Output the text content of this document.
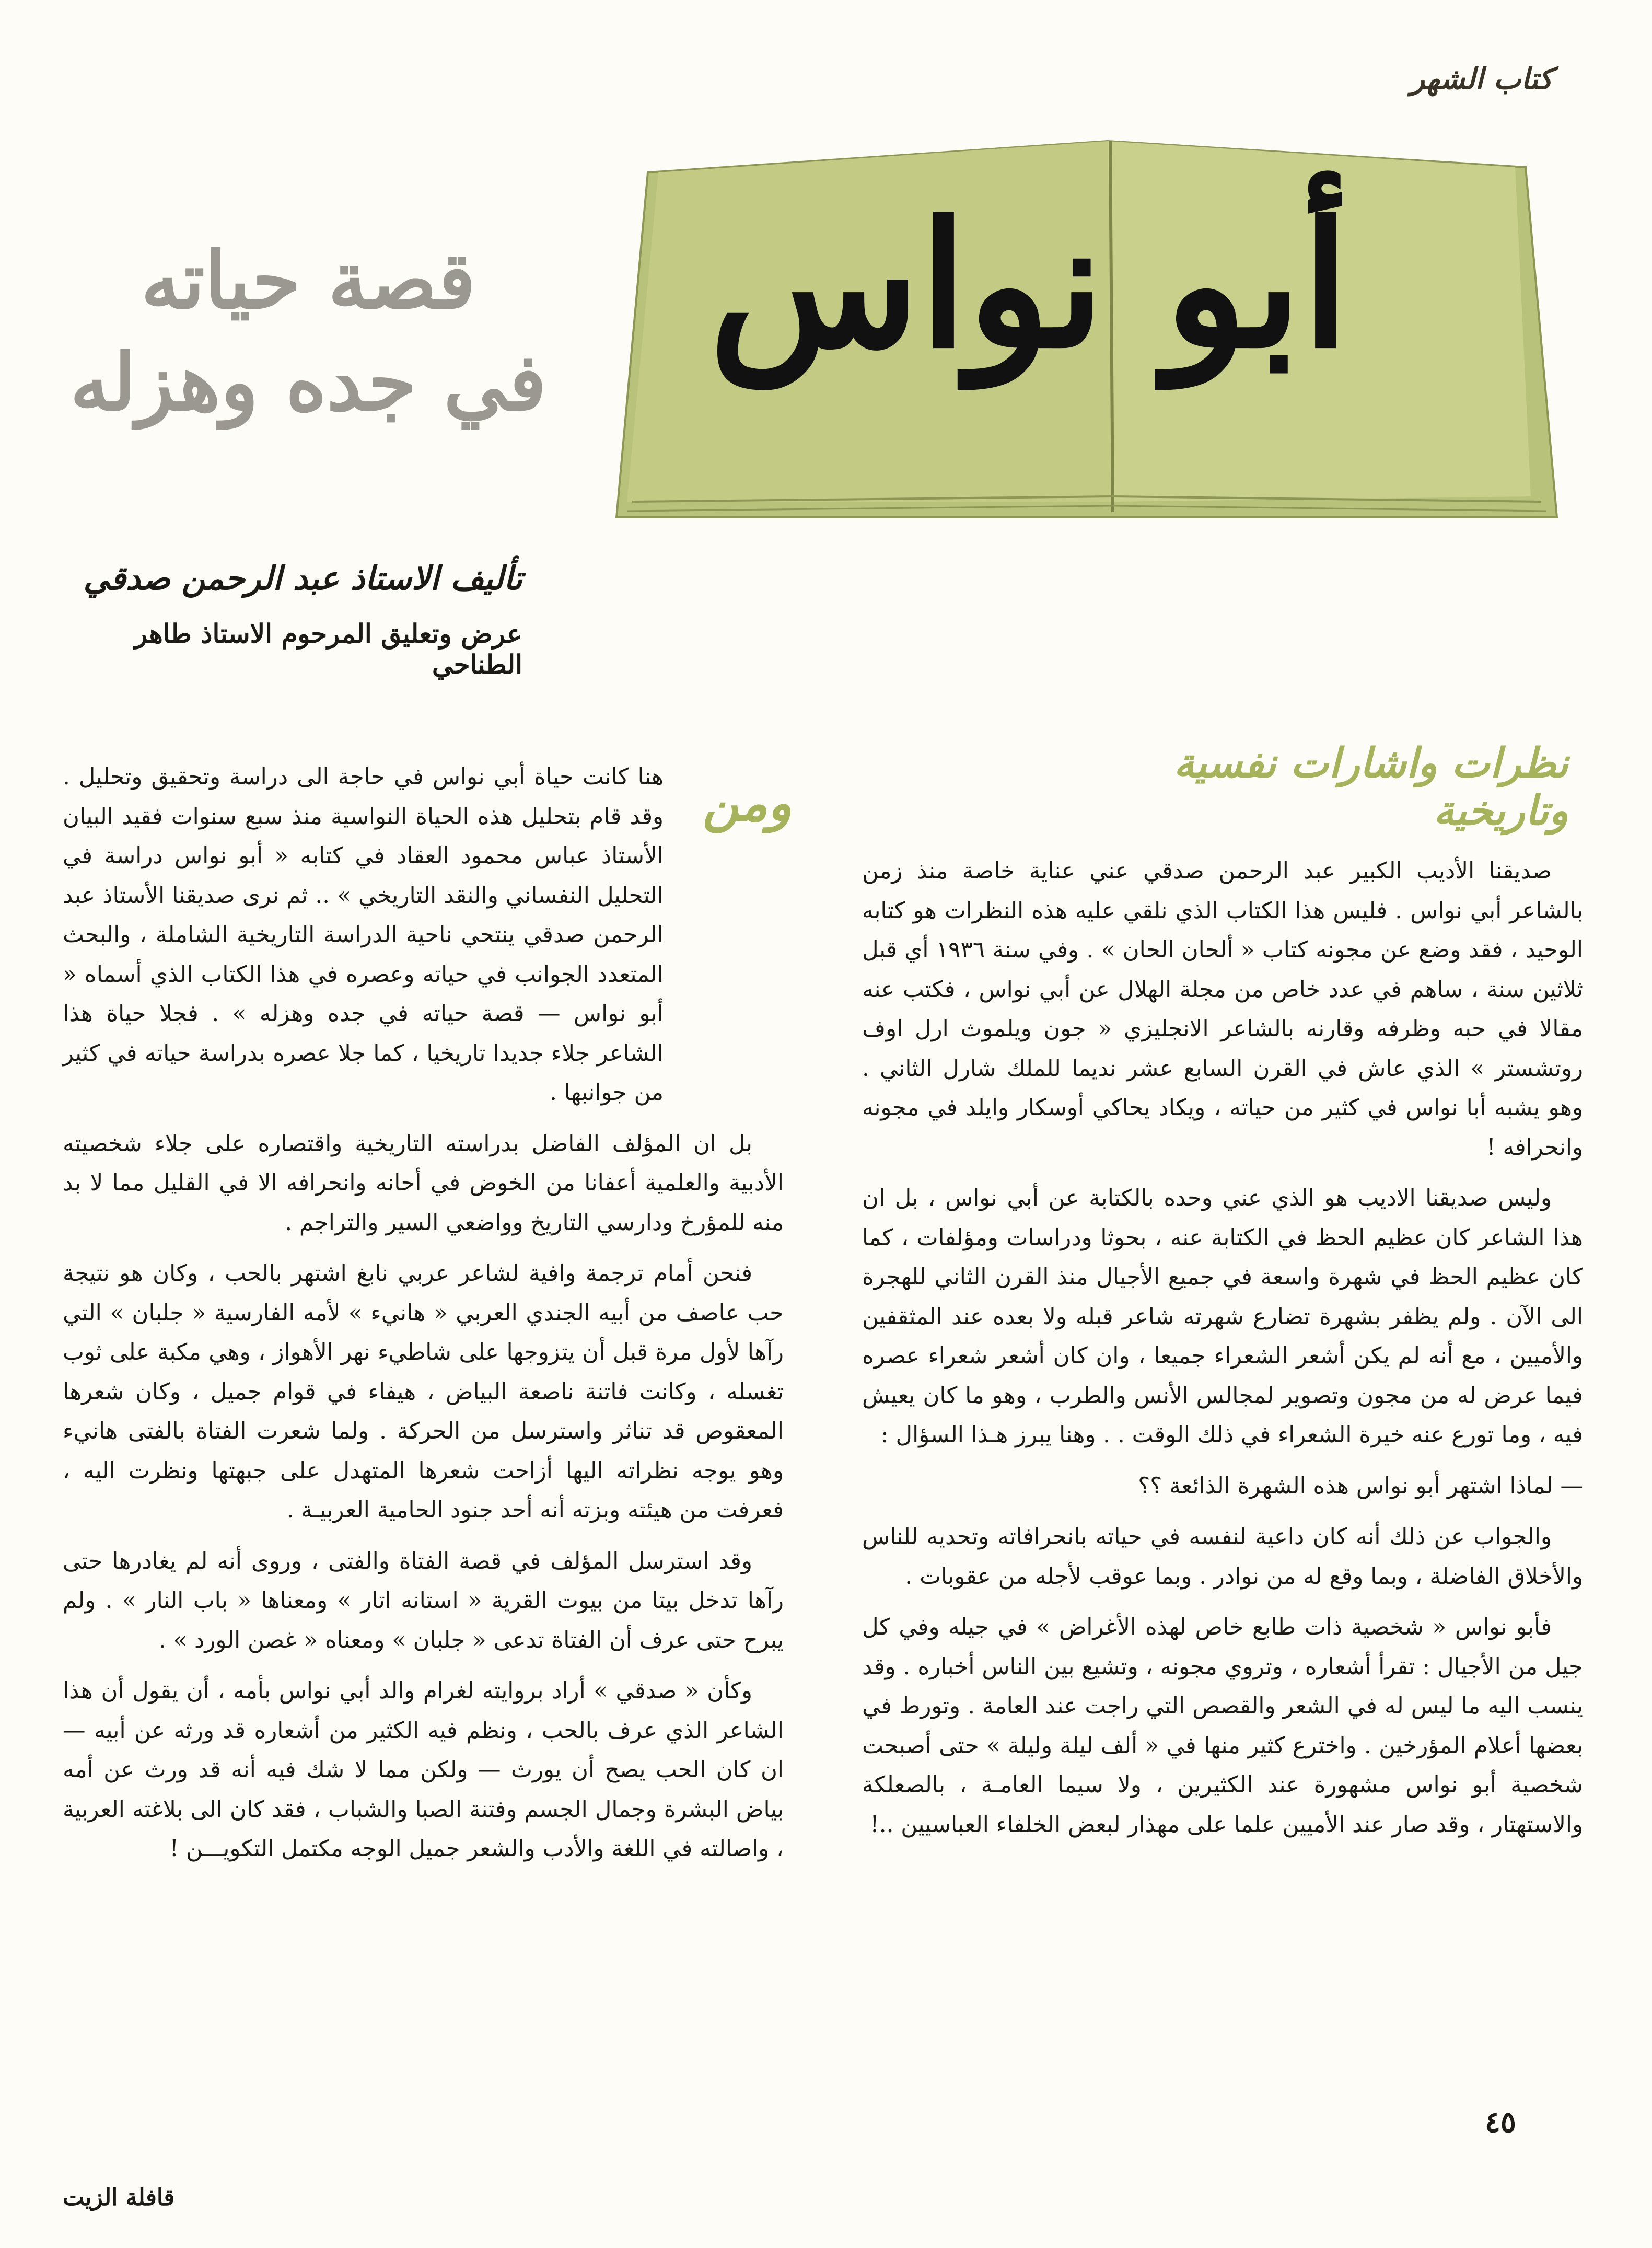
كتاب الشهر
أبو نواس
قصة حياته
في جده وهزله
تأليف الاستاذ عبد الرحمن صدقي
عرض وتعليق المرحوم الاستاذ طاهر الطناحي
نظرات واشارات نفسية وتاريخية

صديقنا الأديب الكبير عبد الرحمن صدقي عني عناية خاصة منذ زمن بالشاعر أبي نواس . فليس هذا الكتاب الذي نلقي عليه هذه النظرات هو كتابه الوحيد ، فقد وضع عن مجونه كتاب « ألحان الحان » . وفي سنة ١٩٣٦ أي قبل ثلاثين سنة ، ساهم في عدد خاص من مجلة الهلال عن أبي نواس ، فكتب عنه مقالا في حبه وظرفه وقارنه بالشاعر الانجليزي « جون ويلموث ارل اوف روتشستر » الذي عاش في القرن السابع عشر نديما للملك شارل الثاني . وهو يشبه أبا نواس في كثير من حياته ، ويكاد يحاكي أوسكار وايلد في مجونه وانحرافه !

وليس صديقنا الاديب هو الذي عني وحده بالكتابة عن أبي نواس ، بل ان هذا الشاعر كان عظيم الحظ في الكتابة عنه ، بحوثا ودراسات ومؤلفات ، كما كان عظيم الحظ في شهرة واسعة في جميع الأجيال منذ القرن الثاني للهجرة الى الآن . ولم يظفر بشهرة تضارع شهرته شاعر قبله ولا بعده عند المثقفين والأميين ، مع أنه لم يكن أشعر الشعراء جميعا ، وان كان أشعر شعراء عصره فيما عرض له من مجون وتصوير لمجالس الأنس والطرب ، وهو ما كان يعيش فيه ، وما تورع عنه خيرة الشعراء في ذلك الوقت . . وهنا يبرز هـذا السؤال :

— لماذا اشتهر أبو نواس هذه الشهرة الذائعة ؟؟

والجواب عن ذلك أنه كان داعية لنفسه في حياته بانحرافاته وتحديه للناس والأخلاق الفاضلة ، وبما وقع له من نوادر . وبما عوقب لأجله من عقوبات .

فأبو نواس « شخصية ذات طابع خاص لهذه الأغراض » في جيله وفي كل جيل من الأجيال : تقرأ أشعاره ، وتروي مجونه ، وتشيع بين الناس أخباره . وقد ينسب اليه ما ليس له في الشعر والقصص التي راجت عند العامة . وتورط في بعضها أعلام المؤرخين . واخترع كثير منها في « ألف ليلة وليلة » حتى أصبحت شخصية أبو نواس مشهورة عند الكثيرين ، ولا سيما العامـة ، بالصعلكة والاستهتار ، وقد صار عند الأميين علما على مهذار لبعض الخلفاء العباسيين ..!

ومن

هنا كانت حياة أبي نواس في حاجة الى دراسة وتحقيق وتحليل . وقد قام بتحليل هذه الحياة النواسية منذ سبع سنوات فقيد البيان الأستاذ عباس محمود العقاد في كتابه « أبو نواس دراسة في التحليل النفساني والنقد التاريخي » .. ثم نرى صديقنا الأستاذ عبد الرحمن صدقي ينتحي ناحية الدراسة التاريخية الشاملة ، والبحث المتعدد الجوانب في حياته وعصره في هذا الكتاب الذي أسماه « أبو نواس — قصة حياته في جده وهزله » . فجلا حياة هذا الشاعر جلاء جديدا تاريخيا ، كما جلا عصره بدراسة حياته في كثير من جوانبها .

بل ان المؤلف الفاضل بدراسته التاريخية واقتصاره على جلاء شخصيته الأدبية والعلمية أعفانا من الخوض في أحانه وانحرافه الا في القليل مما لا بد منه للمؤرخ ودارسي التاريخ وواضعي السير والتراجم .

فنحن أمام ترجمة وافية لشاعر عربي نابغ اشتهر بالحب ، وكان هو نتيجة حب عاصف من أبيه الجندي العربي « هانيء » لأمه الفارسية « جلبان » التي رآها لأول مرة قبل أن يتزوجها على شاطيء نهر الأهواز ، وهي مكبة على ثوب تغسله ، وكانت فاتنة ناصعة البياض ، هيفاء في قوام جميل ، وكان شعرها المعقوص قد تناثر واسترسل من الحركة . ولما شعرت الفتاة بالفتى هانيء وهو يوجه نظراته اليها أزاحت شعرها المتهدل على جبهتها ونظرت اليه ، فعرفت من هيئته وبزته أنه أحد جنود الحامية العربيـة .

وقد استرسل المؤلف في قصة الفتاة والفتى ، وروى أنه لم يغادرها حتى رآها تدخل بيتا من بيوت القرية « استانه اتار » ومعناها « باب النار » . ولم يبرح حتى عرف أن الفتاة تدعى « جلبان » ومعناه « غصن الورد » .

وكأن « صدقي » أراد بروايته لغرام والد أبي نواس بأمه ، أن يقول أن هذا الشاعر الذي عرف بالحب ، ونظم فيه الكثير من أشعاره قد ورثه عن أبيه — ان كان الحب يصح أن يورث — ولكن مما لا شك فيه أنه قد ورث عن أمه بياض البشرة وجمال الجسم وفتنة الصبا والشباب ، فقد كان الى بلاغته العربية ، واصالته في اللغة والأدب والشعر جميل الوجه مكتمل التكويـــن !

٤٥
قافلة الزيت
